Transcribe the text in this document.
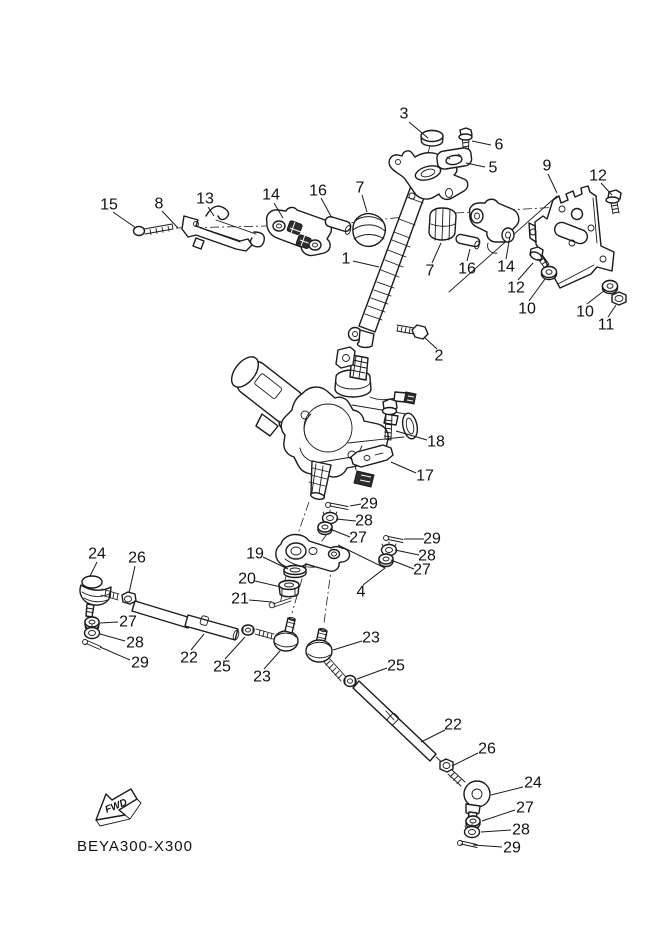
FWD
BEYA300-X300
3
6
5	9
12
15 8 13	14 16 7
1
7 16 14
12
10	10
11
2
18
17
29
28
27	29
28
27
19
20
21	4
24 26
27
28
29 22
25
23
23
25
22
26
24
27
28
29
